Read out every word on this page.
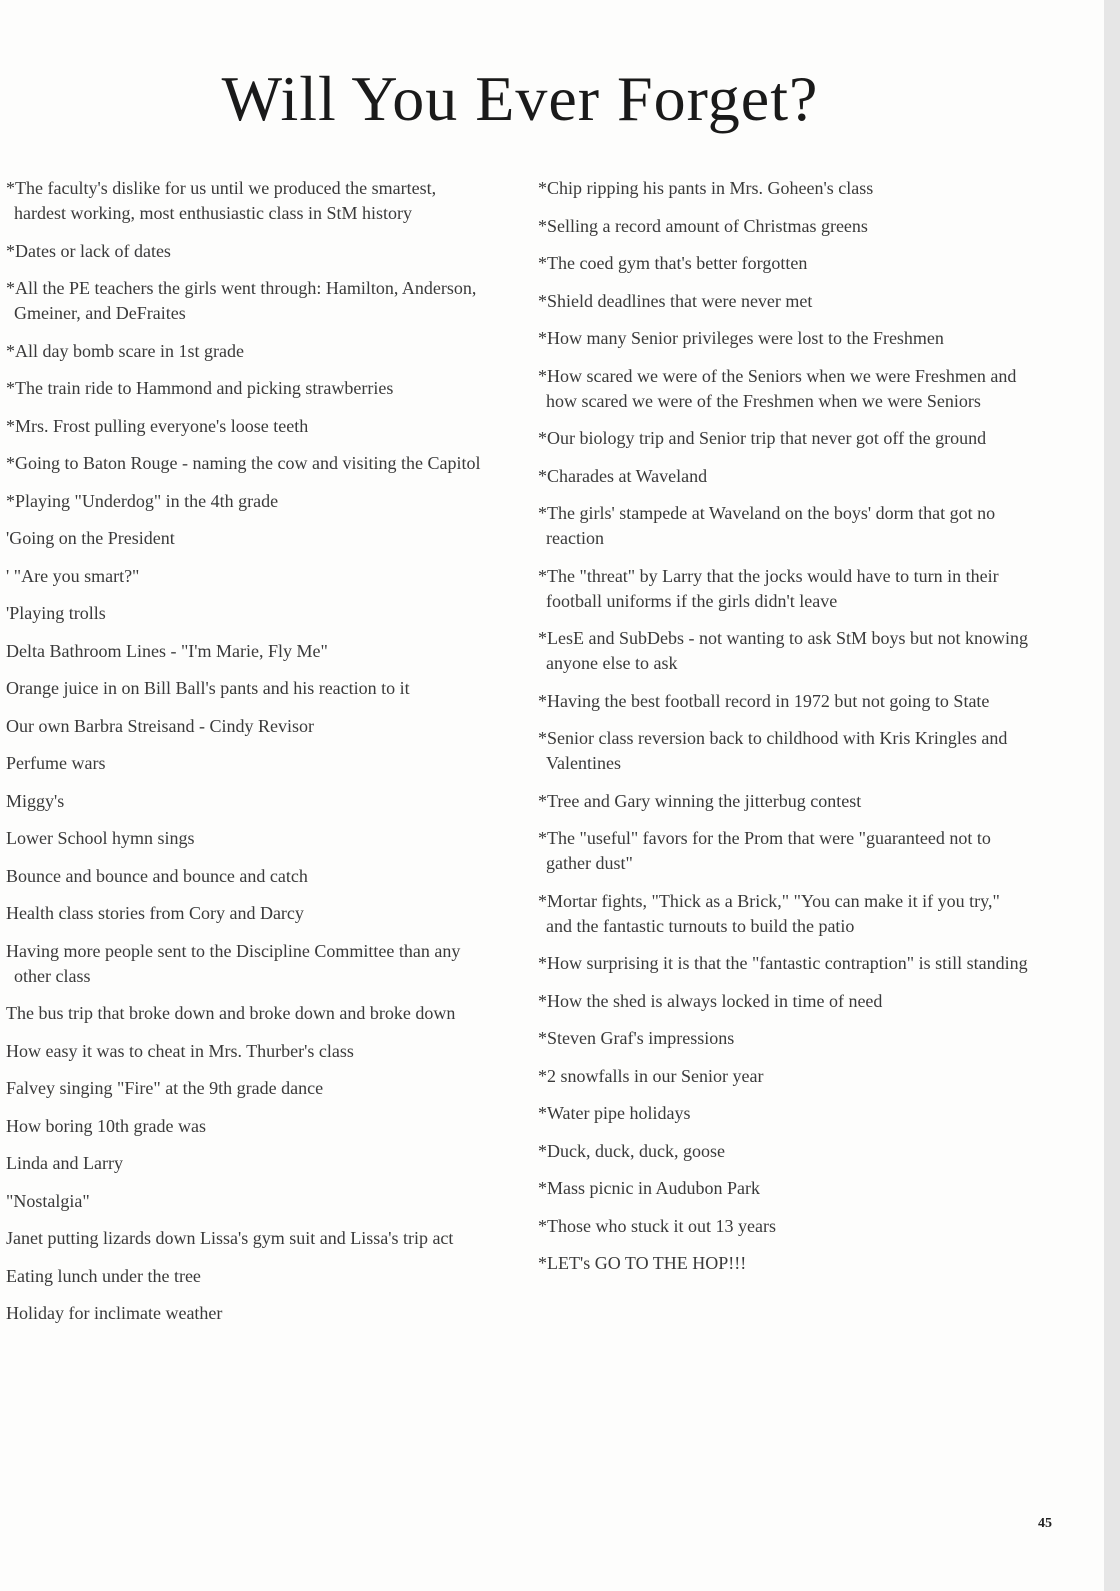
Will You Ever Forget?
*The faculty's dislike for us until we produced the smartest, hardest working, most enthusiastic class in StM history
*Dates or lack of dates
*All the PE teachers the girls went through: Hamilton, Anderson, Gmeiner, and DeFraites
*All day bomb scare in 1st grade
*The train ride to Hammond and picking strawberries
*Mrs. Frost pulling everyone's loose teeth
*Going to Baton Rouge - naming the cow and visiting the Capitol
*Playing "Underdog" in the 4th grade
'Going on the President
' "Are you smart?"
'Playing trolls
Delta Bathroom Lines - "I'm Marie, Fly Me"
Orange juice in on Bill Ball's pants and his reaction to it
Our own Barbra Streisand - Cindy Revisor
Perfume wars
Miggy's
Lower School hymn sings
Bounce and bounce and bounce and catch
Health class stories from Cory and Darcy
Having more people sent to the Discipline Committee than any other class
The bus trip that broke down and broke down and broke down
How easy it was to cheat in Mrs. Thurber's class
Falvey singing "Fire" at the 9th grade dance
How boring 10th grade was
Linda and Larry
"Nostalgia"
Janet putting lizards down Lissa's gym suit and Lissa's trip act
Eating lunch under the tree
Holiday for inclimate weather
*Chip ripping his pants in Mrs. Goheen's class
*Selling a record amount of Christmas greens
*The coed gym that's better forgotten
*Shield deadlines that were never met
*How many Senior privileges were lost to the Freshmen
*How scared we were of the Seniors when we were Freshmen and how scared we were of the Freshmen when we were Seniors
*Our biology trip and Senior trip that never got off the ground
*Charades at Waveland
*The girls' stampede at Waveland on the boys' dorm that got no reaction
*The "threat" by Larry that the jocks would have to turn in their football uniforms if the girls didn't leave
*LesE and SubDebs - not wanting to ask StM boys but not knowing anyone else to ask
*Having the best football record in 1972 but not going to State
*Senior class reversion back to childhood with Kris Kringles and Valentines
*Tree and Gary winning the jitterbug contest
*The "useful" favors for the Prom that were "guaranteed not to gather dust"
*Mortar fights, "Thick as a Brick," "You can make it if you try," and the fantastic turnouts to build the patio
*How surprising it is that the "fantastic contraption" is still standing
*How the shed is always locked in time of need
*Steven Graf's impressions
*2 snowfalls in our Senior year
*Water pipe holidays
*Duck, duck, duck, goose
*Mass picnic in Audubon Park
*Those who stuck it out 13 years
*LET's GO TO THE HOP!!!
45
